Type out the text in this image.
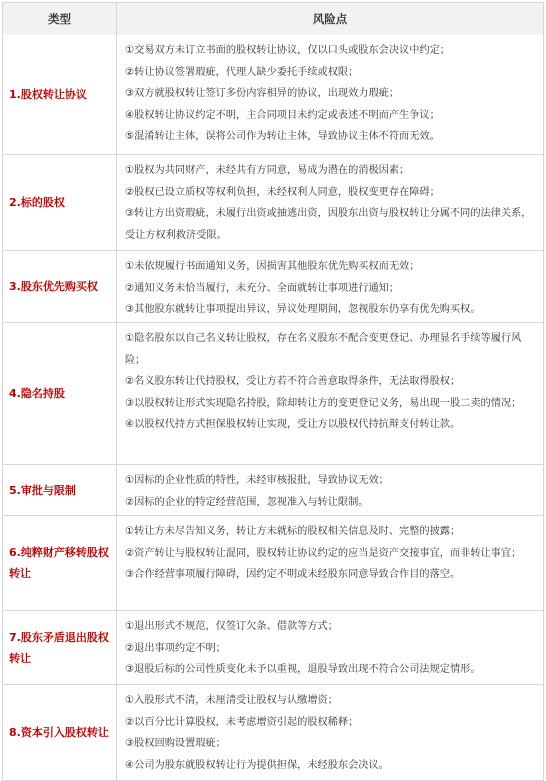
类型	风险点
1.股权转让协议
①交易双方未订立书面的股权转让协议，仅以口头或股东会决议中约定；
②转让协议签署瑕疵，代理人缺少委托手续或权限；
③双方就股权转让签订多份内容相异的协议，出现效力瑕疵；
④股权转让协议约定不明，主合同项目未约定或表述不明而产生争议；
⑤混淆转让主体，误将公司作为转让主体，导致协议主体不符而无效。
2.标的股权
①股权为共同财产，未经共有方同意，易成为潜在的消极因素；
②股权已设立质权等权利负担，未经权利人同意，股权变更存在障碍；
③转让方出资瑕疵，未履行出资或抽逃出资，因股东出资与股权转让分属不同的法律关系，受让方权利救济受限。
3.股东优先购买权
①未依规履行书面通知义务，因损害其他股东优先购买权而无效；
②通知义务未恰当履行，未充分、全面就转让事项进行通知；
③其他股东就转让事项提出异议，异议处理期间，忽视股东仍享有优先购买权。
4.隐名持股
①隐名股东以自己名义转让股权，存在名义股东不配合变更登记、办理显名手续等履行风险；
②名义股东转让代持股权，受让方若不符合善意取得条件，无法取得股权；
③以股权转让形式实现隐名持股，除却转让方的变更登记义务，易出现一股二卖的情况；
④以股权代持方式担保股权转让实现，受让方以股权代持抗辩支付转让款。
5.审批与限制
①因标的企业性质的特性，未经审核报批，导致协议无效；
②因标的企业的特定经营范围，忽视准入与转让限制。
6.纯粹财产移转股权转让
①转让方未尽告知义务，转让方未就标的股权相关信息及时、完整的披露；
②资产转让与股权转让混同，股权转让协议约定的应当是资产交接事宜，而非转让事宜；
③合作经营事项履行障碍，因约定不明或未经股东同意导致合作目的落空。
7.股东矛盾退出股权转让
①退出形式不规范，仅签订欠条、借款等方式；
②退出事项约定不明；
③退股后标的公司性质变化未予以重视，退股导致出现不符合公司法规定情形。
8.资本引入股权转让
①入股形式不清，未厘清受让股权与认缴增资；
②以百分比计算股权，未考虑增资引起的股权稀释；
③股权回购设置瑕疵；
④公司为股东就股权转让行为提供担保，未经股东会决议。
